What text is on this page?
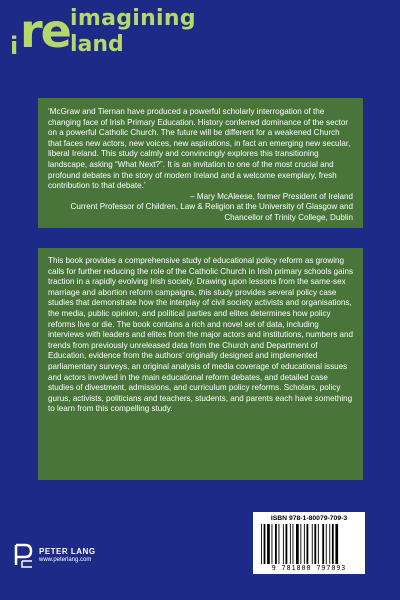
i re imagining
land

‘McGraw and Tiernan have produced a powerful scholarly interrogation of the changing face of Irish Primary Education. History conferred dominance of the sector on a powerful Catholic Church. The future will be different for a weakened Church that faces new actors, new voices, new aspirations, in fact an emerging new secular, liberal Ireland. This study calmly and convincingly explores this transitioning landscape, asking “What Next?”. It is an invitation to one of the most crucial and profound debates in the story of modern Ireland and a welcome exemplary, fresh contribution to that debate.’

– Mary McAleese, former President of Ireland

Current Professor of Children, Law & Religion at the University of Glasgow and

Chancellor of Trinity College, Dublin

This book provides a comprehensive study of educational policy reform as growing calls for further reducing the role of the Catholic Church in Irish primary schools gains traction in a rapidly evolving Irish society. Drawing upon lessons from the same-sex marriage and abortion reform campaigns, this study provides several policy case studies that demonstrate how the interplay of civil society activists and organisations, the media, public opinion, and political parties and elites determines how policy reforms live or die. The book contains a rich and novel set of data, including interviews with leaders and elites from the major actors and institutions, numbers and trends from previously unreleased data from the Church and Department of Education, evidence from the authors’ originally designed and implemented parliamentary surveys, an original analysis of media coverage of educational issues and actors involved in the main educational reform debates, and detailed case studies of divestment, admissions, and curriculum policy reforms. Scholars, policy gurus, activists, politicians and teachers, students, and parents each have something to learn from this compelling study.

PETER LANG
www.peterlang.com

ISBN 978-1-80079-709-3

9 781800 797093
